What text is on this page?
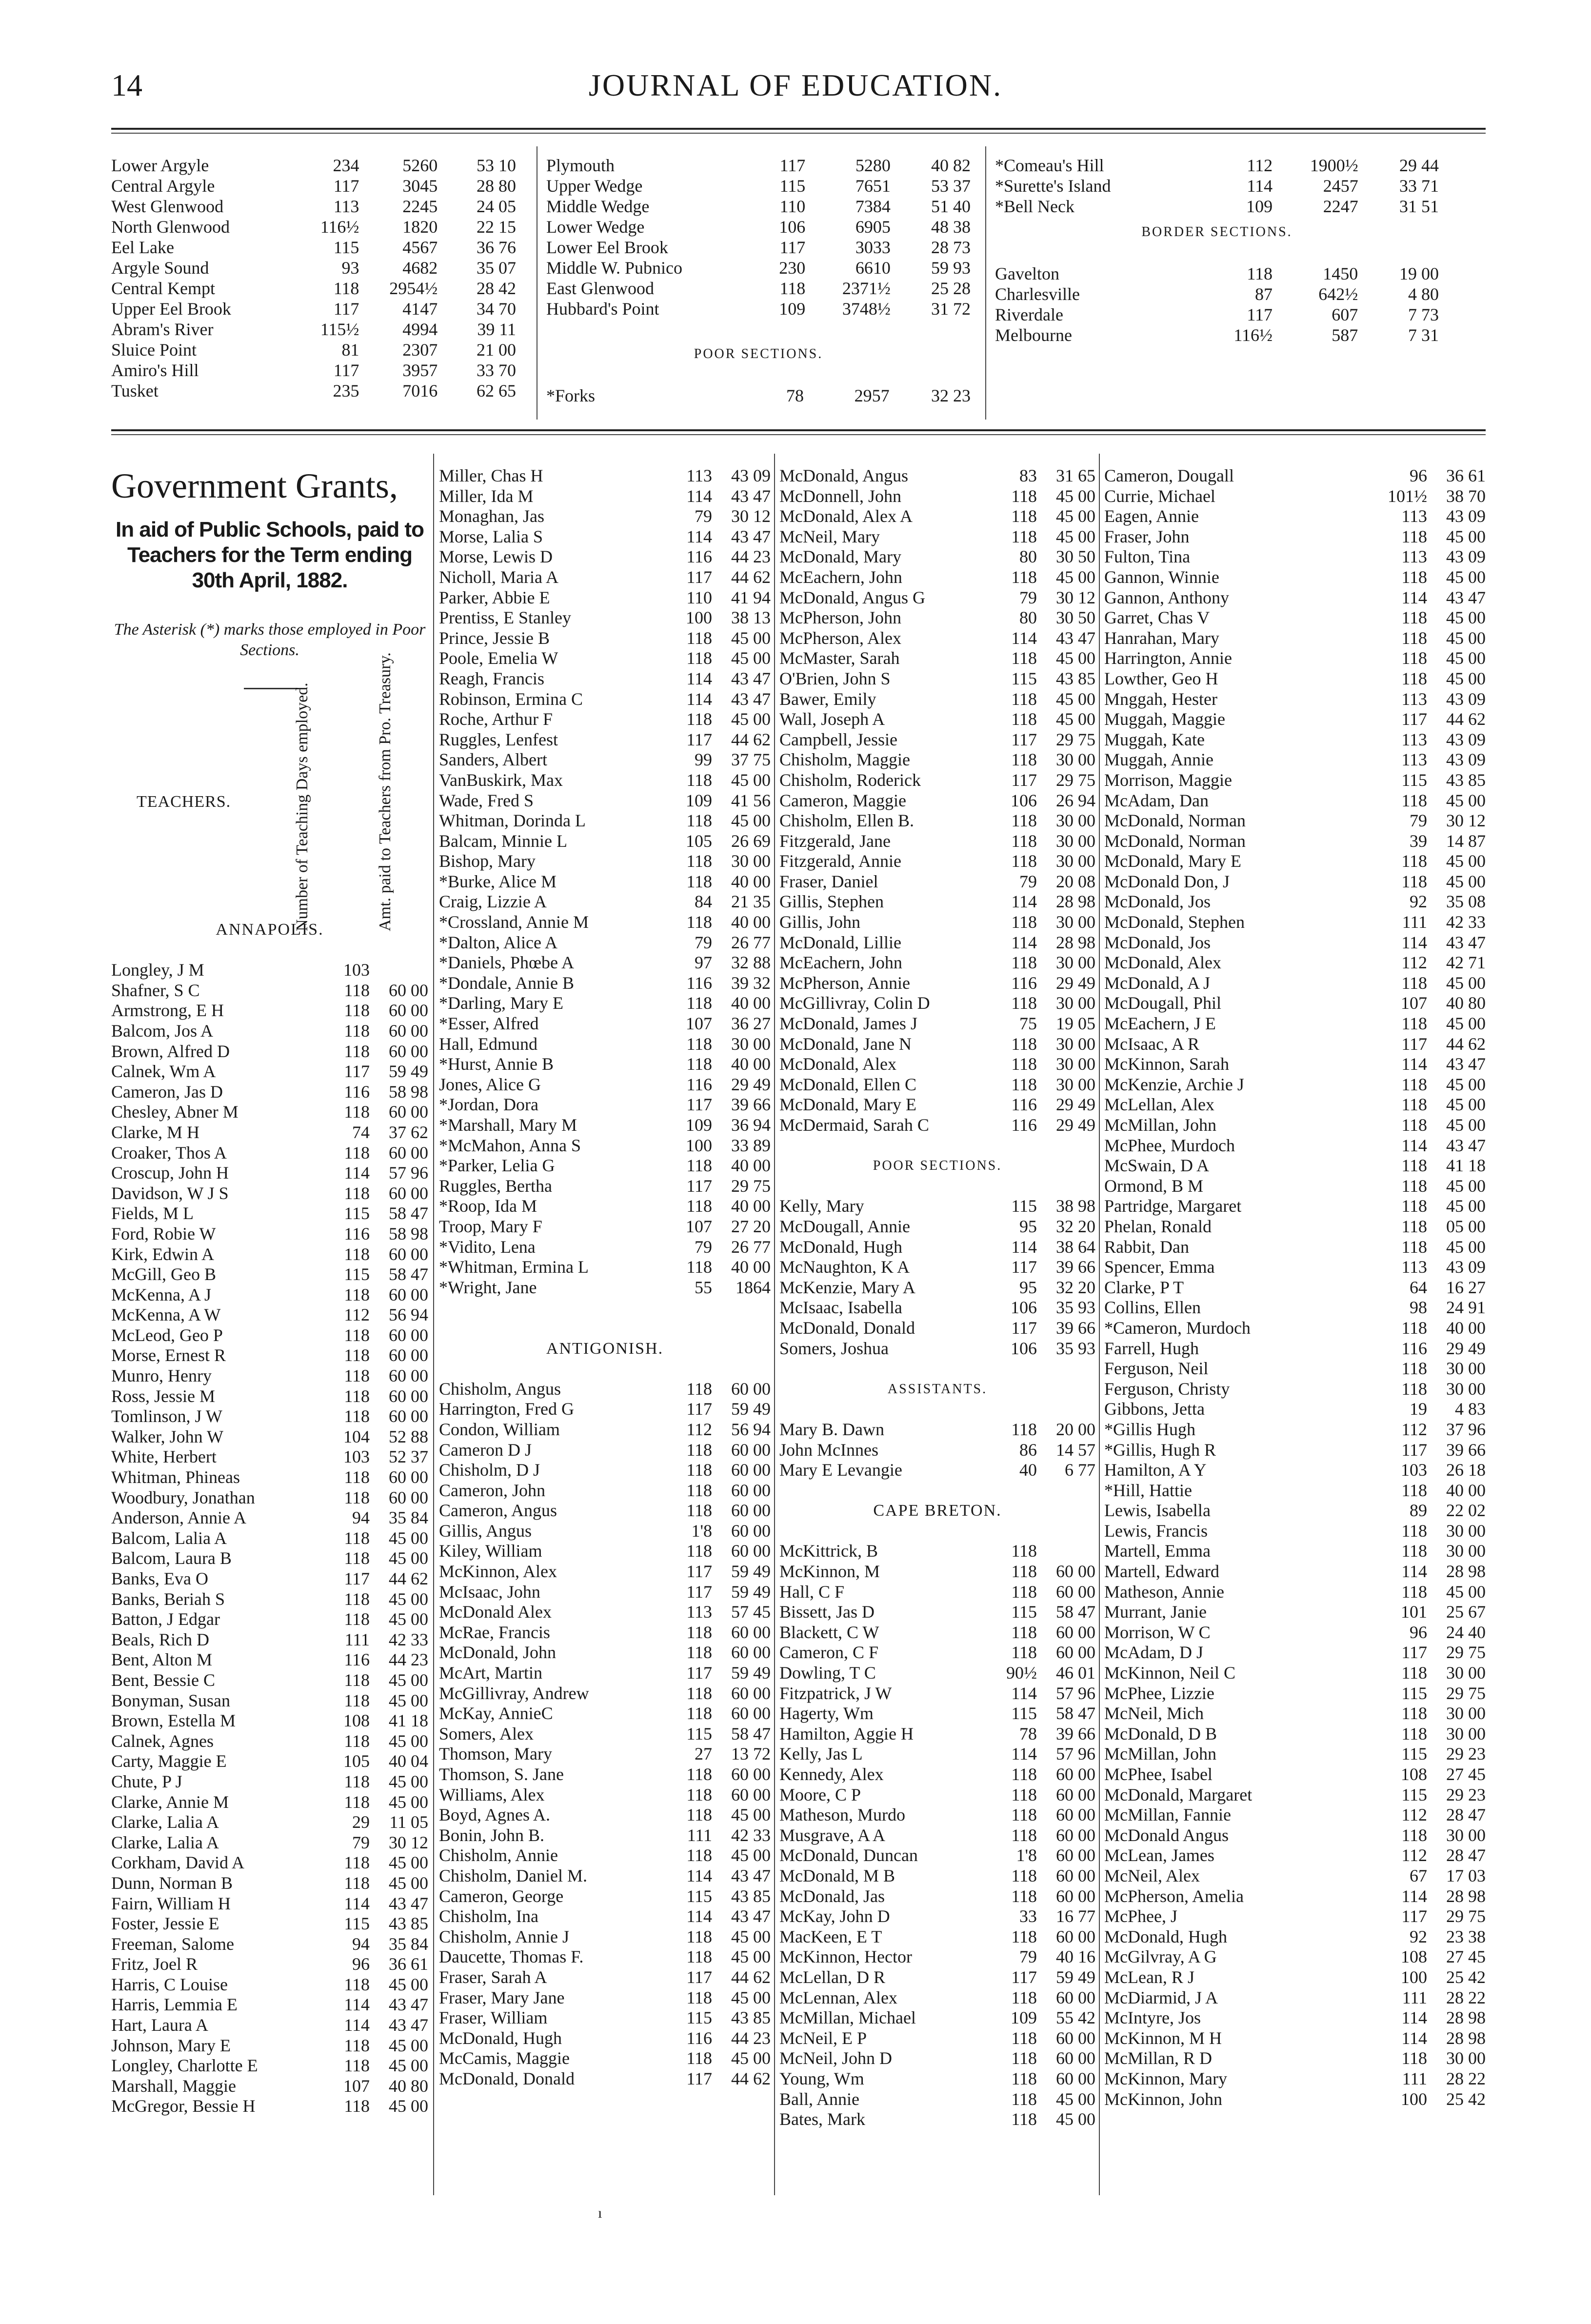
14	JOURNAL OF EDUCATION.
Lower Argyle	234	5260	53 10
Central Argyle	117	3045	28 80
West Glenwood	113	2245	24 05
North Glenwood	116½	1820	22 15
Eel Lake	115	4567	36 76
Argyle Sound	93	4682	35 07
Central Kempt	118	2954½	28 42
Upper Eel Brook	117	4147	34 70
Abram's River	115½	4994	39 11
Sluice Point	81	2307	21 00
Amiro's Hill	117	3957	33 70
Tusket	235	7016	62 65
Plymouth	117	5280	40 82
Upper Wedge	115	7651	53 37
Middle Wedge	110	7384	51 40
Lower Wedge	106	6905	48 38
Lower Eel Brook	117	3033	28 73
Middle W. Pubnico	230	6610	59 93
East Glenwood	118	2371½	25 28
Hubbard's Point	109	3748½	31 72
POOR SECTIONS.
*Forks	78	2957	32 23
*Comeau's Hill	112	1900½	29 44
*Surette's Island	114	2457	33 71
*Bell Neck	109	2247	31 51
BORDER SECTIONS.
Gavelton	118	1450	19 00
Charlesville	87	642½	4 80
Riverdale	117	607	7 73
Melbourne	116½	587	7 31
Government Grants,
In aid of Public Schools, paid to Teachers for the Term ending 30th April, 1882.
The Asterisk (*) marks those employed in Poor Sections.
TEACHERS.	Number of Teaching Days employed.	Amt. paid to Teachers from Pro. Treasury.
ANNAPOLIS.
Longley, J M	103
Shafner, S C	118	60 00
Armstrong, E H	118	60 00
Balcom, Jos A	118	60 00
Brown, Alfred D	118	60 00
Calnek, Wm A	117	59 49
Cameron, Jas D	116	58 98
Chesley, Abner M	118	60 00
Clarke, M H	74	37 62
Croaker, Thos A	118	60 00
Croscup, John H	114	57 96
Davidson, W J S	118	60 00
Fields, M L	115	58 47
Ford, Robie W	116	58 98
Kirk, Edwin A	118	60 00
McGill, Geo B	115	58 47
McKenna, A J	118	60 00
McKenna, A W	112	56 94
McLeod, Geo P	118	60 00
Morse, Ernest R	118	60 00
Munro, Henry	118	60 00
Ross, Jessie M	118	60 00
Tomlinson, J W	118	60 00
Walker, John W	104	52 88
White, Herbert	103	52 37
Whitman, Phineas	118	60 00
Woodbury, Jonathan	118	60 00
Anderson, Annie A	94	35 84
Balcom, Lalia A	118	45 00
Balcom, Laura B	118	45 00
Banks, Eva O	117	44 62
Banks, Beriah S	118	45 00
Batton, J Edgar	118	45 00
Beals, Rich D	111	42 33
Bent, Alton M	116	44 23
Bent, Bessie C	118	45 00
Bonyman, Susan	118	45 00
Brown, Estella M	108	41 18
Calnek, Agnes	118	45 00
Carty, Maggie E	105	40 04
Chute, P J	118	45 00
Clarke, Annie M	118	45 00
Clarke, Lalia A	29	11 05
Clarke, Lalia A	79	30 12
Corkham, David A	118	45 00
Dunn, Norman B	118	45 00
Fairn, William H	114	43 47
Foster, Jessie E	115	43 85
Freeman, Salome	94	35 84
Fritz, Joel R	96	36 61
Harris, C Louise	118	45 00
Harris, Lemmia E	114	43 47
Hart, Laura A	114	43 47
Johnson, Mary E	118	45 00
Longley, Charlotte E	118	45 00
Marshall, Maggie	107	40 80
McGregor, Bessie H	118	45 00
Miller, Chas H	113	43 09
Miller, Ida M	114	43 47
Monaghan, Jas	79	30 12
Morse, Lalia S	114	43 47
Morse, Lewis D	116	44 23
Nicholl, Maria A	117	44 62
Parker, Abbie E	110	41 94
Prentiss, E Stanley	100	38 13
Prince, Jessie B	118	45 00
Poole, Emelia W	118	45 00
Reagh, Francis	114	43 47
Robinson, Ermina C	114	43 47
Roche, Arthur F	118	45 00
Ruggles, Lenfest	117	44 62
Sanders, Albert	99	37 75
VanBuskirk, Max	118	45 00
Wade, Fred S	109	41 56
Whitman, Dorinda L	118	45 00
Balcam, Minnie L	105	26 69
Bishop, Mary	118	30 00
*Burke, Alice M	118	40 00
Craig, Lizzie A	84	21 35
*Crossland, Annie M	118	40 00
*Dalton, Alice A	79	26 77
*Daniels, Phœbe A	97	32 88
*Dondale, Annie B	116	39 32
*Darling, Mary E	118	40 00
*Esser, Alfred	107	36 27
Hall, Edmund	118	30 00
*Hurst, Annie B	118	40 00
Jones, Alice G	116	29 49
*Jordan, Dora	117	39 66
*Marshall, Mary M	109	36 94
*McMahon, Anna S	100	33 89
*Parker, Lelia G	118	40 00
Ruggles, Bertha	117	29 75
*Roop, Ida M	118	40 00
Troop, Mary F	107	27 20
*Vidito, Lena	79	26 77
*Whitman, Ermina L	118	40 00
*Wright, Jane	55	1864
ANTIGONISH.
Chisholm, Angus	118	60 00
Harrington, Fred G	117	59 49
Condon, William	112	56 94
Cameron D J	118	60 00
Chisholm, D J	118	60 00
Cameron, John	118	60 00
Cameron, Angus	118	60 00
Gillis, Angus	1'8	60 00
Kiley, William	118	60 00
McKinnon, Alex	117	59 49
McIsaac, John	117	59 49
McDonald Alex	113	57 45
McRae, Francis	118	60 00
McDonald, John	118	60 00
McArt, Martin	117	59 49
McGillivray, Andrew	118	60 00
McKay, AnnieC	118	60 00
Somers, Alex	115	58 47
Thomson, Mary	27	13 72
Thomson, S. Jane	118	60 00
Williams, Alex	118	60 00
Boyd, Agnes A.	118	45 00
Bonin, John B.	111	42 33
Chisholm, Annie	118	45 00
Chisholm, Daniel M.	114	43 47
Cameron, George	115	43 85
Chisholm, Ina	114	43 47
Chisholm, Annie J	118	45 00
Daucette, Thomas F.	118	45 00
Fraser, Sarah A	117	44 62
Fraser, Mary Jane	118	45 00
Fraser, William	115	43 85
McDonald, Hugh	116	44 23
McCamis, Maggie	118	45 00
McDonald, Donald	117	44 62
McDonald, Angus	83	31 65
McDonnell, John	118	45 00
McDonald, Alex A	118	45 00
McNeil, Mary	118	45 00
McDonald, Mary	80	30 50
McEachern, John	118	45 00
McDonald, Angus G	79	30 12
McPherson, John	80	30 50
McPherson, Alex	114	43 47
McMaster, Sarah	118	45 00
O'Brien, John S	115	43 85
Bawer, Emily	118	45 00
Wall, Joseph A	118	45 00
Campbell, Jessie	117	29 75
Chisholm, Maggie	118	30 00
Chisholm, Roderick	117	29 75
Cameron, Maggie	106	26 94
Chisholm, Ellen B.	118	30 00
Fitzgerald, Jane	118	30 00
Fitzgerald, Annie	118	30 00
Fraser, Daniel	79	20 08
Gillis, Stephen	114	28 98
Gillis, John	118	30 00
McDonald, Lillie	114	28 98
McEachern, John	118	30 00
McPherson, Annie	116	29 49
McGillivray, Colin D	118	30 00
McDonald, James J	75	19 05
McDonald, Jane N	118	30 00
McDonald, Alex	118	30 00
McDonald, Ellen C	118	30 00
McDonald, Mary E	116	29 49
McDermaid, Sarah C	116	29 49
POOR SECTIONS.
Kelly, Mary	115	38 98
McDougall, Annie	95	32 20
McDonald, Hugh	114	38 64
McNaughton, K A	117	39 66
McKenzie, Mary A	95	32 20
McIsaac, Isabella	106	35 93
McDonald, Donald	117	39 66
Somers, Joshua	106	35 93
ASSISTANTS.
Mary B. Dawn	118	20 00
John McInnes	86	14 57
Mary E Levangie	40	6 77
CAPE BRETON.
McKittrick, B	118
McKinnon, M	118	60 00
Hall, C F	118	60 00
Bissett, Jas D	115	58 47
Blackett, C W	118	60 00
Cameron, C F	118	60 00
Dowling, T C	90½	46 01
Fitzpatrick, J W	114	57 96
Hagerty, Wm	115	58 47
Hamilton, Aggie H	78	39 66
Kelly, Jas L	114	57 96
Kennedy, Alex	118	60 00
Moore, C P	118	60 00
Matheson, Murdo	118	60 00
Musgrave, A A	118	60 00
McDonald, Duncan	1'8	60 00
McDonald, M B	118	60 00
McDonald, Jas	118	60 00
McKay, John D	33	16 77
MacKeen, E T	118	60 00
McKinnon, Hector	79	40 16
McLellan, D R	117	59 49
McLennan, Alex	118	60 00
McMillan, Michael	109	55 42
McNeil, E P	118	60 00
McNeil, John D	118	60 00
Young, Wm	118	60 00
Ball, Annie	118	45 00
Bates, Mark	118	45 00
Cameron, Dougall	96	36 61
Currie, Michael	101½	38 70
Eagen, Annie	113	43 09
Fraser, John	118	45 00
Fulton, Tina	113	43 09
Gannon, Winnie	118	45 00
Gannon, Anthony	114	43 47
Garret, Chas V	118	45 00
Hanrahan, Mary	118	45 00
Harrington, Annie	118	45 00
Lowther, Geo H	118	45 00
Mnggah, Hester	113	43 09
Muggah, Maggie	117	44 62
Muggah, Kate	113	43 09
Muggah, Annie	113	43 09
Morrison, Maggie	115	43 85
McAdam, Dan	118	45 00
McDonald, Norman	79	30 12
McDonald, Norman	39	14 87
McDonald, Mary E	118	45 00
McDonald Don, J	118	45 00
McDonald, Jos	92	35 08
McDonald, Stephen	111	42 33
McDonald, Jos	114	43 47
McDonald, Alex	112	42 71
McDonald, A J	118	45 00
McDougall, Phil	107	40 80
McEachern, J E	118	45 00
McIsaac, A R	117	44 62
McKinnon, Sarah	114	43 47
McKenzie, Archie J	118	45 00
McLellan, Alex	118	45 00
McMillan, John	118	45 00
McPhee, Murdoch	114	43 47
McSwain, D A	118	41 18
Ormond, B M	118	45 00
Partridge, Margaret	118	45 00
Phelan, Ronald	118	05 00
Rabbit, Dan	118	45 00
Spencer, Emma	113	43 09
Clarke, P T	64	16 27
Collins, Ellen	98	24 91
*Cameron, Murdoch	118	40 00
Farrell, Hugh	116	29 49
Ferguson, Neil	118	30 00
Ferguson, Christy	118	30 00
Gibbons, Jetta	19	4 83
*Gillis Hugh	112	37 96
*Gillis, Hugh R	117	39 66
Hamilton, A Y	103	26 18
*Hill, Hattie	118	40 00
Lewis, Isabella	89	22 02
Lewis, Francis	118	30 00
Martell, Emma	118	30 00
Martell, Edward	114	28 98
Matheson, Annie	118	45 00
Murrant, Janie	101	25 67
Morrison, W C	96	24 40
McAdam, D J	117	29 75
McKinnon, Neil C	118	30 00
McPhee, Lizzie	115	29 75
McNeil, Mich	118	30 00
McDonald, D B	118	30 00
McMillan, John	115	29 23
McPhee, Isabel	108	27 45
McDonald, Margaret	115	29 23
McMillan, Fannie	112	28 47
McDonald Angus	118	30 00
McLean, James	112	28 47
McNeil, Alex	67	17 03
McPherson, Amelia	114	28 98
McPhee, J	117	29 75
McDonald, Hugh	92	23 38
McGilvray, A G	108	27 45
McLean, R J	100	25 42
McDiarmid, J A	111	28 22
McIntyre, Jos	114	28 98
McKinnon, M H	114	28 98
McMillan, R D	118	30 00
McKinnon, Mary	111	28 22
McKinnon, John	100	25 42
ı
